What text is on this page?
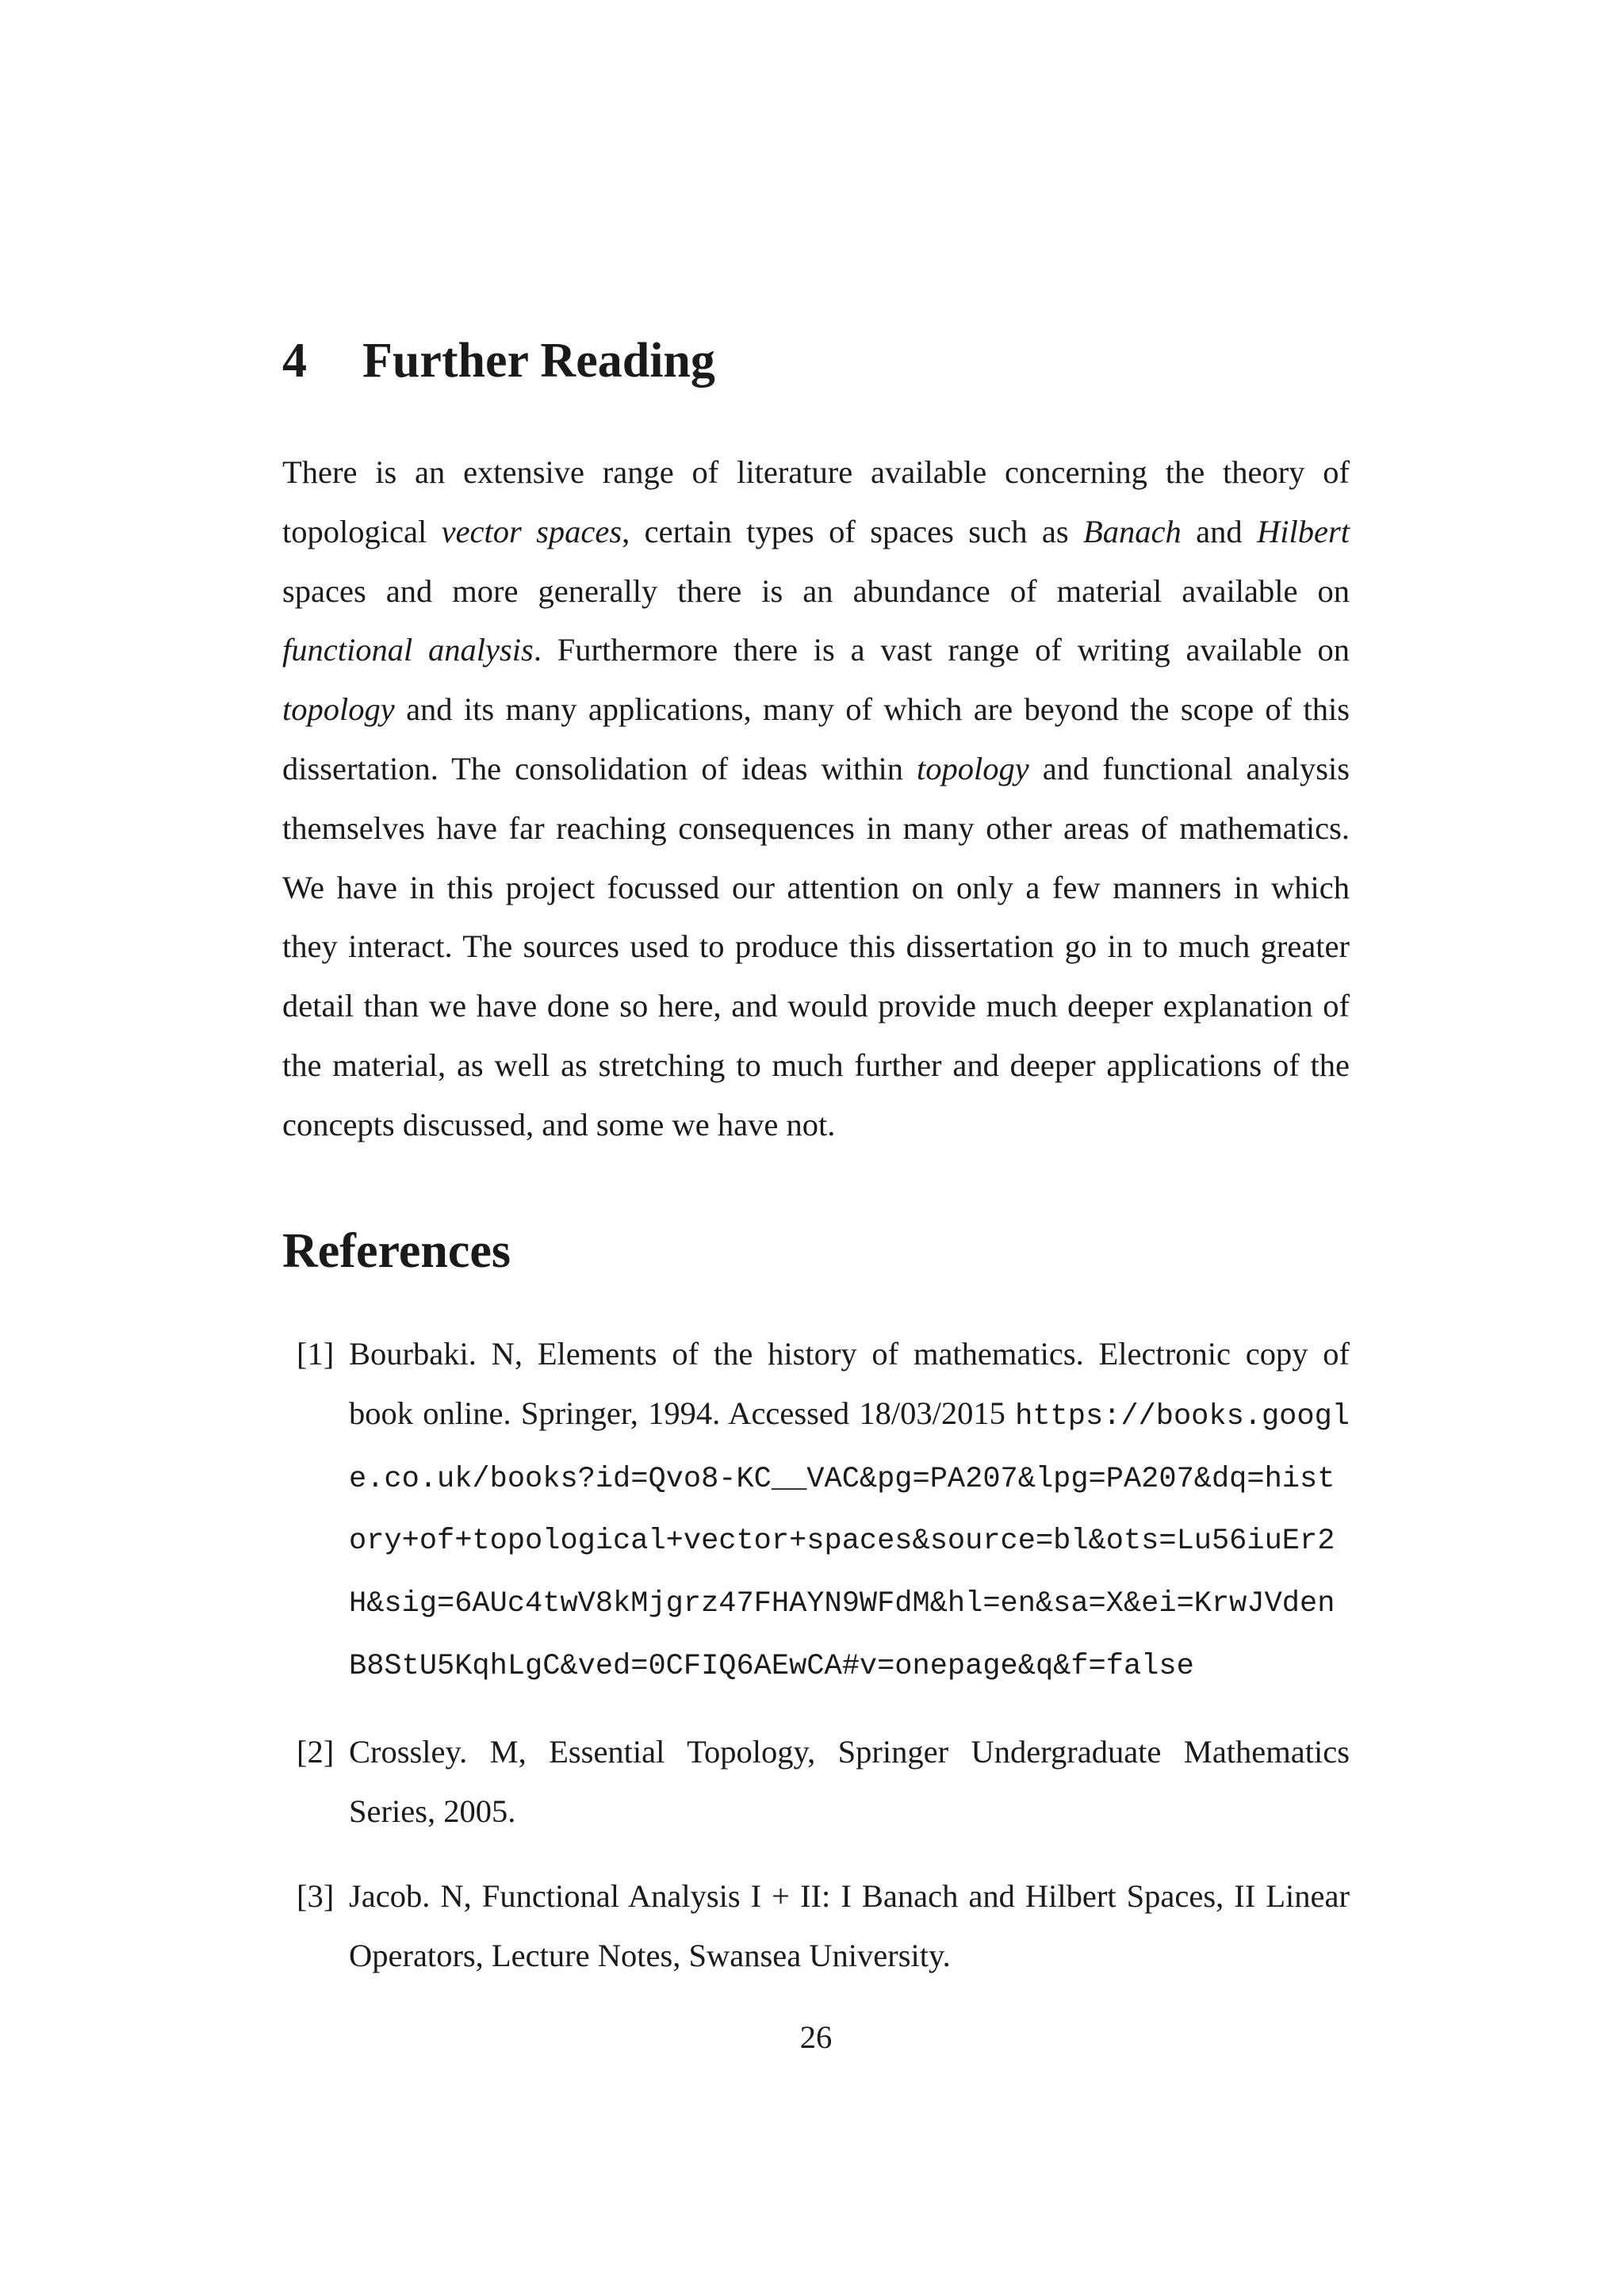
4 Further Reading

There is an extensive range of literature available concerning the theory of topological vector spaces, certain types of spaces such as Banach and Hilbert spaces and more generally there is an abundance of material available on functional analysis. Furthermore there is a vast range of writing available on topology and its many applications, many of which are beyond the scope of this dissertation. The consolidation of ideas within topology and functional analysis themselves have far reaching consequences in many other areas of mathematics. We have in this project focussed our attention on only a few manners in which they interact. The sources used to produce this dissertation go in to much greater detail than we have done so here, and would provide much deeper explanation of the material, as well as stretching to much further and deeper applications of the concepts discussed, and some we have not.

References
[1] Bourbaki. N, Elements of the history of mathematics. Electronic copy of book online. Springer, 1994. Accessed 18/03/2015 https://books.google.co.uk/books?id=Qvo8-KC__VAC&pg=PA207&lpg=PA207&dq=history+of+topological+vector+spaces&source=bl&ots=Lu56iuEr2H&sig=6AUc4twV8kMjgrz47FHAYN9WFdM&hl=en&sa=X&ei=KrwJVdenB8StU5KqhLgC&ved=0CFIQ6AEwCA#v=onepage&q&f=false
[2] Crossley. M, Essential Topology, Springer Undergraduate Mathematics Series, 2005.
[3] Jacob. N, Functional Analysis I + II: I Banach and Hilbert Spaces, II Linear Operators, Lecture Notes, Swansea University.
26
